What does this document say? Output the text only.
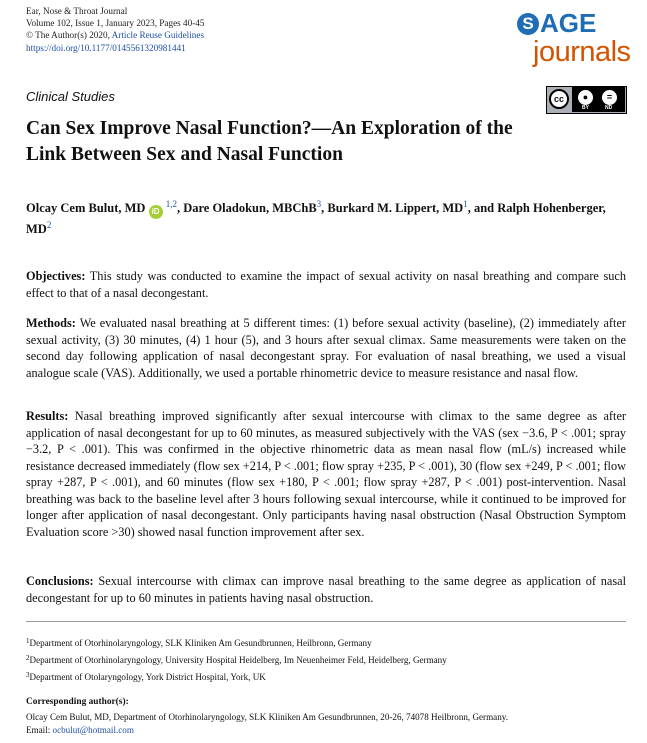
Ear, Nose & Throat Journal
Volume 102, Issue 1, January 2023, Pages 40-45
© The Author(s) 2020, Article Reuse Guidelines
https://doi.org/10.1177/0145561320981441
S AGE
journals
Clinical Studies	cc	●	=
BY	ND
Can Sex Improve Nasal Function?—An Exploration of the Link Between Sex and Nasal Function
Olcay Cem Bulut, MD iD $^{1,2}$, Dare Oladokun, MBChB$^3$, Burkard M. Lippert, $MD^1$, and Ralph Hohenberger, $MD^2$
Objectives: This study was conducted to examine the impact of sexual activity on nasal breathing and compare such effect to that of a nasal decongestant.
Methods: We evaluated nasal breathing at 5 different times: (1) before sexual activity (baseline), (2) immediately after sexual activity, (3) 30 minutes, (4) 1 hour (5), and 3 hours after sexual climax. Same measurements were taken on the second day following application of nasal decongestant spray. For evaluation of nasal breathing, we used a visual analogue scale (VAS). Additionally, we used a portable rhinometric device to measure resistance and nasal flow.
Results: Nasal breathing improved significantly after sexual intercourse with climax to the same degree as after application of nasal decongestant for up to 60 minutes, as measured subjectively with the VAS (sex −3.6, P < .001; spray −3.2, P < .001). This was confirmed in the objective rhinometric data as mean nasal flow (mL/s) increased while resistance decreased immediately (flow sex +214, P < .001; flow spray +235, P < .001), 30 (flow sex +249, P < .001; flow spray +287, P < .001), and 60 minutes (flow sex +180, P < .001; flow spray +287, P < .001) post-intervention. Nasal breathing was back to the baseline level after 3 hours following sexual intercourse, while it continued to be improved for longer after application of nasal decongestant. Only participants having nasal obstruction (Nasal Obstruction Symptom Evaluation score >30) showed nasal function improvement after sex.
Conclusions: Sexual intercourse with climax can improve nasal breathing to the same degree as application of nasal decongestant for up to 60 minutes in patients having nasal obstruction.
$^1$Department of Otorhinolaryngology, SLK Kliniken Am Gesundbrunnen, Heilbronn, Germany
$^2$Department of Otorhinolaryngology, University Hospital Heidelberg, Im Neuenheimer Feld, Heidelberg, Germany
$^3$Department of Otolaryngology, York District Hospital, York, UK
Corresponding author(s):
Olcay Cem Bulut, MD, Department of Otorhinolaryngology, SLK Kliniken Am Gesundbrunnen, 20-26, 74078 Heilbronn, Germany.
Email: ocbulut@hotmail.com
